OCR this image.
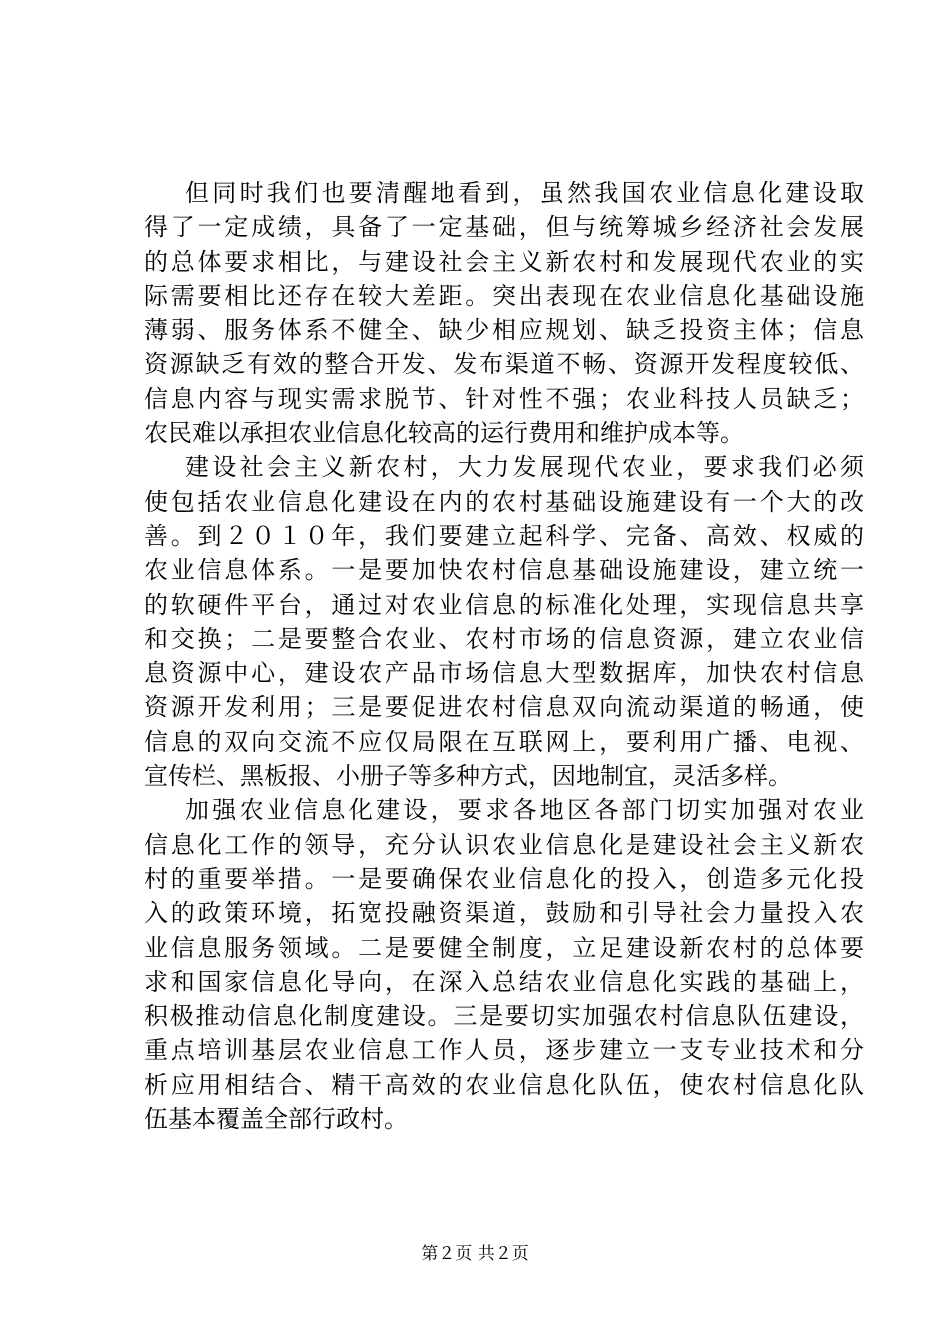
但同时我们也要清醒地看到，虽然我国农业信息化建设取
得了一定成绩，具备了一定基础，但与统筹城乡经济社会发展
的总体要求相比，与建设社会主义新农村和发展现代农业的实
际需要相比还存在较大差距。突出表现在农业信息化基础设施
薄弱、服务体系不健全、缺少相应规划、缺乏投资主体；信息
资源缺乏有效的整合开发、发布渠道不畅、资源开发程度较低、
信息内容与现实需求脱节、针对性不强；农业科技人员缺乏；
农民难以承担农业信息化较高的运行费用和维护成本等。
建设社会主义新农村，大力发展现代农业，要求我们必须
使包括农业信息化建设在内的农村基础设施建设有一个大的改
善。到２０１０年，我们要建立起科学、完备、高效、权威的
农业信息体系。一是要加快农村信息基础设施建设，建立统一
的软硬件平台，通过对农业信息的标准化处理，实现信息共享
和交换；二是要整合农业、农村市场的信息资源，建立农业信
息资源中心，建设农产品市场信息大型数据库，加快农村信息
资源开发利用；三是要促进农村信息双向流动渠道的畅通，使
信息的双向交流不应仅局限在互联网上，要利用广播、电视、
宣传栏、黑板报、小册子等多种方式，因地制宜，灵活多样。
加强农业信息化建设，要求各地区各部门切实加强对农业
信息化工作的领导，充分认识农业信息化是建设社会主义新农
村的重要举措。一是要确保农业信息化的投入，创造多元化投
入的政策环境，拓宽投融资渠道，鼓励和引导社会力量投入农
业信息服务领域。二是要健全制度，立足建设新农村的总体要
求和国家信息化导向，在深入总结农业信息化实践的基础上，
积极推动信息化制度建设。三是要切实加强农村信息队伍建设，
重点培训基层农业信息工作人员，逐步建立一支专业技术和分
析应用相结合、精干高效的农业信息化队伍，使农村信息化队
伍基本覆盖全部行政村。
第２页 共２页
